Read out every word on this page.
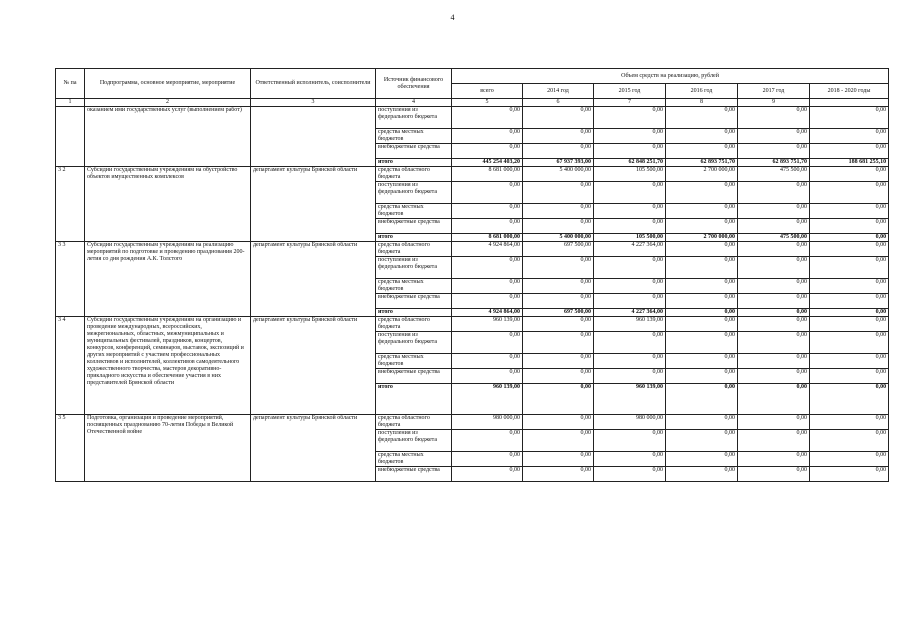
4
№ па	Подпрограмма, основное мероприятие, мероприятие	Ответственный исполнитель, соисполнители	Источник финансового обеспечения	Объем средств на реализацию, рублей					
				всего	2014 год	2015 год	2016 год	2017 год	2018 - 2020 годы
1	2	3	4	5	6	7	8	9	
	оказанием ими государственных услуг (выполнением работ)		поступления из федерального бюджета	0,00	0,00	0,00	0,00	0,00	0,00
			средства местных бюджетов	0,00	0,00	0,00	0,00	0,00	0,00
			внебюджетные средства	0,00	0,00	0,00	0,00	0,00	0,00
			итого	445 254 403,20	67 937 393,00	62 848 251,70	62 893 751,70	62 893 751,70	188 681 255,10
3 2	Субсидии государственным учреждениям на обустройство объектов имущественных комплексов	департамент культуры Брянской области	средства областного бюджета	8 681 000,00	5 400 000,00	105 500,00	2 700 000,00	475 500,00	0,00
			поступления из федерального бюджета	0,00	0,00	0,00	0,00	0,00	0,00
			средства местных бюджетов	0,00	0,00	0,00	0,00	0,00	0,00
			внебюджетные средства	0,00	0,00	0,00	0,00	0,00	0,00
			итого	8 681 000,00	5 400 000,00	105 500,00	2 700 000,00	475 500,00	0,00
3 3	Субсидии государственным учреждениям на реализацию мероприятий по подготовке и проведению празднования 200-летия со дня рождения А.К. Толстого	департамент культуры Брянской области	средства областного бюджета	4 924 864,00	697 500,00	4 227 364,00	0,00	0,00	0,00
			поступления из федерального бюджета	0,00	0,00	0,00	0,00	0,00	0,00
			средства местных бюджетов	0,00	0,00	0,00	0,00	0,00	0,00
			внебюджетные средства	0,00	0,00	0,00	0,00	0,00	0,00
			итого	4 924 864,00	697 500,00	4 227 364,00	0,00	0,00	0,00
3 4	Субсидии государственным учреждениям на организацию и проведение международных, всероссийских, межрегиональных, областных, межмуниципальных и муниципальных фестивалей, праздников, концертов, конкурсов, конференций, семинаров, выставок, экспозиций и других мероприятий с участием профессиональных коллективов и исполнителей, коллективов самодеятельного художественного творчества, мастеров декоративно-прикладного искусства и обеспечение участия в них представителей Брянской области	департамент культуры Брянской области	средства областного бюджета	960 139,00	0,00	960 139,00	0,00	0,00	0,00
			поступления из федерального бюджета	0,00	0,00	0,00	0,00	0,00	0,00
			средства местных бюджетов	0,00	0,00	0,00	0,00	0,00	0,00
			внебюджетные средства	0,00	0,00	0,00	0,00	0,00	0,00
			итого	960 139,00	0,00	960 139,00	0,00	0,00	0,00
3 5	Подготовка, организация и проведение мероприятий, посвященных празднованию 70-летия Победы в Великой Отечественной войне	департамент культуры Брянской области	средства областного бюджета	980 000,00	0,00	980 000,00	0,00	0,00	0,00
			поступления из федерального бюджета	0,00	0,00	0,00	0,00	0,00	0,00
			средства местных бюджетов	0,00	0,00	0,00	0,00	0,00	0,00
			внебюджетные средства	0,00	0,00	0,00	0,00	0,00	0,00
